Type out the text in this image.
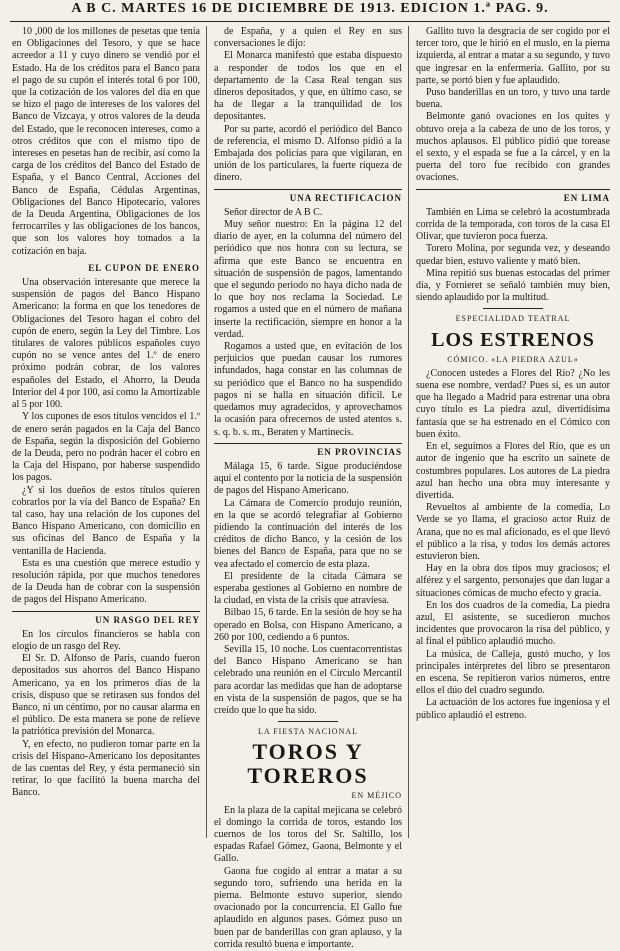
A B C. MARTES 16 DE DICIEMBRE DE 1913. EDICION 1.ª PAG. 9.

10 ,000 de los millones de pesetas que tenía en Obligaciones del Tesoro, y que se hace acreedor a 11 y cuyo dinero se vendió por el Estado. Ha de los créditos para el Banco para el pago de su cupón el interés total 6 por 100, que la cotización de los valores del día en que se hizo el pago de intereses de los valores del Banco de Vizcaya, y otros valores de la deuda del Estado, que le reconocen intereses, como a otros créditos que con el mismo tipo de intereses en pesetas han de recibir, así como la carga de los créditos del Banco del Estado de España, y el Banco Central, Acciones del Banco de España, Cédulas Argentinas, Obligaciones del Banco Hipotecario, valores de la Deuda Argentina, Obligaciones de los ferrocarriles y las obligaciones de los bancos, que son los valores hoy tomados a la cotización en baja.

EL CUPON DE ENERO

Una observación interesante que merece la suspensión de pagos del Banco Hispano Americano: la forma en que los tenedores de Obligaciones del Tesoro hagan el cobro del cupón de enero, según la Ley del Timbre. Los titulares de valores públicos españoles cuyo cupón no se vence antes del 1.º de enero próximo podrán cobrar, de los valores españoles del Estado, el Ahorro, la Deuda Interior del 4 por 100, así como la Amortizable al 5 por 100.

Y los cupones de esos títulos vencidos el 1.º de enero serán pagados en la Caja del Banco de España, según la disposición del Gobierno de la Deuda, pero no podrán hacer el cobro en la Caja del Hispano, por haberse suspendido los pagos.

¿Y si los dueños de estos títulos quieren cobrarlos por la vía del Banco de España? En tal caso, hay una relación de los cupones del Banco Hispano Americano, con domicilio en sus oficinas del Banco de España y la ventanilla de Hacienda.

Esta es una cuestión que merece estudio y resolución rápida, por que muchos tenedores de la Deuda han de cobrar con la suspensión de pagos del Hispano Americano.

UN RASGO DEL REY

En los círculos financieros se habla con elogio de un rasgo del Rey.

El Sr. D. Alfonso de Paris, cuando fueron depositados sus ahorros del Banco Hispano Americano, ya en los primeros días de la crisis, dispuso que se retirasen sus fondos del Banco, ni un céntimo, por no causar alarma en el público. De esta manera se pone de relieve la patriótica previsión del Monarca.

Y, en efecto, no pudieron tomar parte en la crisis del Hispano-Americano los depositantes de las cuentas del Rey, y ésta permaneció sin retirar, lo que facilitó la buena marcha del Banco.

de España, y a quien el Rey en sus conversaciones le dijo:

El Monarca manifestó que estaba dispuesto a responder de todos los que en el departamento de la Casa Real tengan sus dineros depositados, y que, en último caso, se ha de llegar a la tranquilidad de los depositantes.

Por su parte, acordó el periódico del Banco de referencia, el mismo D. Alfonso pidió a la Embajada dos policías para que vigilaran, en unión de los particulares, la fuerte riqueza de dinero.

UNA RECTIFICACION

Señor director de A B C.

Muy señor nuestro: En la página 12 del diario de ayer, en la columna del número del periódico que nos honra con su lectura, se afirma que este Banco se encuentra en situación de suspensión de pagos, lamentando que el segundo periodo no haya dicho nada de lo que hoy nos reclama la Sociedad. Le rogamos a usted que en el número de mañana inserte la rectificación, siempre en honor a la verdad.

Rogamos a usted que, en evitación de los perjuicios que puedan causar los rumores infundados, haga constar en las columnas de su periódico que el Banco no ha suspendido pagos ni se halla en situación difícil. Le quedamos muy agradecidos, y aprovechamos la ocasión para ofrecernos de usted atentos s. s. q. b. s. m., Beraten y Martinecis.

EN PROVINCIAS

Málaga 15, 6 tarde. Sigue produciéndose aquí el contento por la noticia de la suspensión de pagos del Hispano Americano.

La Cámara de Comercio produjo reunión, en la que se acordó telegrafiar al Gobierno pidiendo la continuación del interés de los créditos de dicho Banco, y la cesión de los bienes del Banco de España, para que no se vea afectado el comercio de esta plaza.

El presidente de la citada Cámara se esperaba gestiones al Gobierno en nombre de la ciudad, en vista de la crisis que atraviesa.

Bilbao 15, 6 tarde. En la sesión de hoy se ha operado en Bolsa, con Hispano Americano, a 260 por 100, cediendo a 6 puntos.

Sevilla 15, 10 noche. Los cuentacorrentistas del Banco Hispano Americano se han celebrado una reunión en el Círculo Mercantil para acordar las medidas que han de adoptarse en vista de la suspensión de pagos, que se ha creído que lo que ha sido.

LA FIESTA NACIONAL
TOROS Y TOREROS
EN MÉJICO

En la plaza de la capital mejicana se celebró el domingo la corrida de toros, estando los cuernos de los toros del Sr. Saltillo, los espadas Rafael Gómez, Gaona, Belmonte y el Gallo.

Gaona fue cogido al entrar a matar a su segundo toro, sufriendo una herida en la pierna. Belmonte estuvo superior, siendo ovacionado por la concurrencia. El Gallo fue aplaudido en algunos pases. Gómez puso un buen par de banderillas con gran aplauso, y la corrida resultó buena e importante.

Gallito tuvo la desgracia de ser cogido por el tercer toro, que le hirió en el muslo, en la pierna izquierda, al entrar a matar a su segundo, y tuvo que ingresar en la enfermería. Gallito, por su parte, se portó bien y fue aplaudido.

Puso banderillas en un toro, y tuvo una tarde buena.

Belmonte ganó ovaciones en los quites y obtuvo oreja a la cabeza de uno de los toros, y muchos aplausos. El público pidió que torease el sexto, y el espada se fue a la cárcel, y en la puerta del toro fue recibido con grandes ovaciones.

EN LIMA

También en Lima se celebró la acostumbrada corrida de la temporada, con toros de la casa El Olivar, que tuvieron poca fuerza.

Torero Molina, por segunda vez, y deseando quedar bien, estuvo valiente y mató bien.

Mina repitió sus buenas estocadas del primer día, y Fornieret se señaló también muy bien, siendo aplaudido por la multitud.

ESPECIALIDAD TEATRAL
LOS ESTRENOS
CÓMICO. «LA PIEDRA AZUL»

¿Conocen ustedes a Flores del Río? ¿No les suena ese nombre, verdad? Pues sí, es un autor que ha llegado a Madrid para estrenar una obra cuyo título es La piedra azul, divertidísima fantasía que se ha estrenado en el Cómico con buen éxito.

En el, seguimos a Flores del Río, que es un autor de ingenio que ha escrito un sainete de costumbres populares. Los autores de La piedra azul han hecho una obra muy interesante y divertida.

Revueltos al ambiente de la comedia, Lo Verde se yo llama, el gracioso actor Ruiz de Arana, que no es mal aficionado, es el que llevó el público a la risa, y todos los demás actores estuvieron bien.

Hay en la obra dos tipos muy graciosos; el alférez y el sargento, personajes que dan lugar a situaciones cómicas de mucho efecto y gracia.

En los dos cuadros de la comedia, La piedra azul, El asistente, se sucedieron muchos incidentes que provocaron la risa del público, y al final el público aplaudió mucho.

La música, de Calleja, gustó mucho, y los principales intérpretes del libro se presentaron en escena. Se repitieron varios números, entre ellos el dúo del cuadro segundo.

La actuación de los actores fue ingeniosa y el público aplaudió el estreno.
